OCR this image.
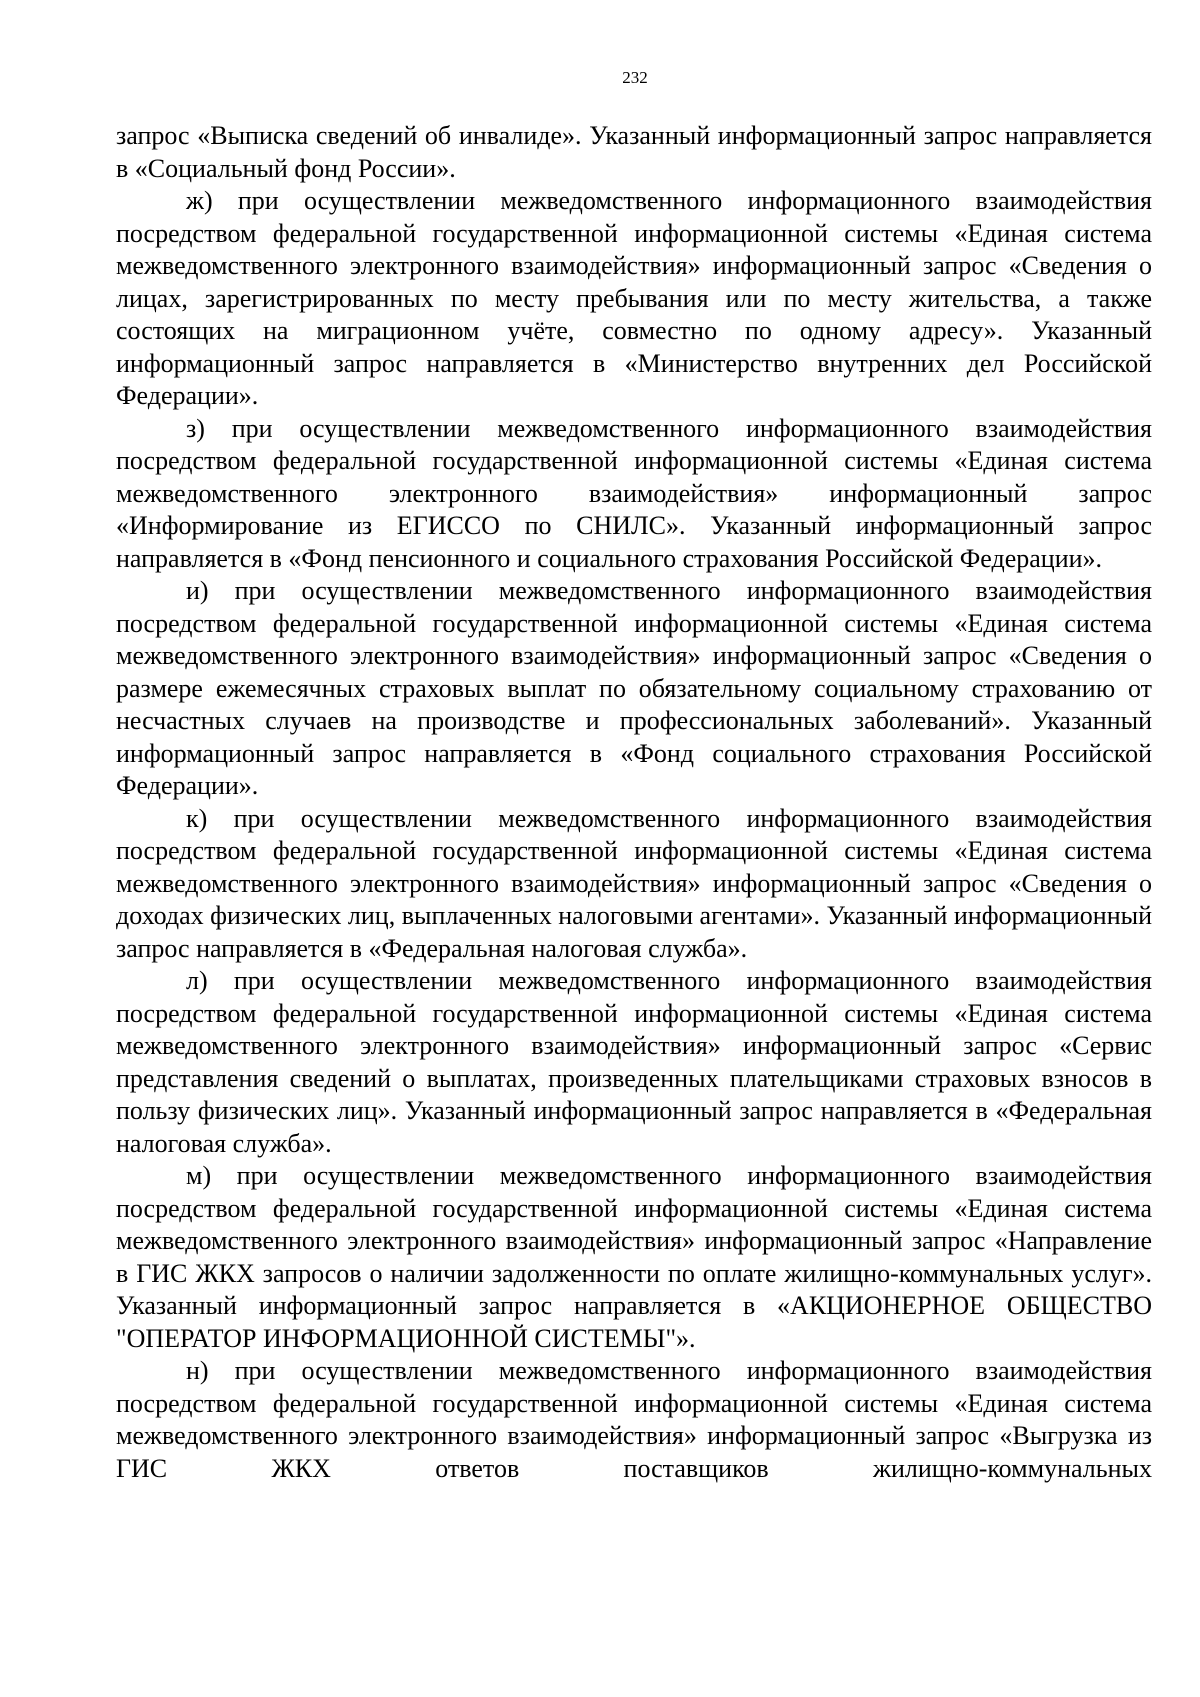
232

запрос «Выписка сведений об инвалиде». Указанный информационный запрос направляется в «Социальный фонд России».

ж) при осуществлении межведомственного информационного взаимодействия посредством федеральной государственной информационной системы «Единая система межведомственного электронного взаимодействия» информационный запрос «Сведения о лицах, зарегистрированных по месту пребывания или по месту жительства, а также состоящих на миграционном учёте, совместно по одному адресу». Указанный информационный запрос направляется в «Министерство внутренних дел Российской Федерации».

з) при осуществлении межведомственного информационного взаимодействия посредством федеральной государственной информационной системы «Единая система межведомственного электронного взаимодействия» информационный запрос «Информирование из ЕГИССО по СНИЛС». Указанный информационный запрос направляется в «Фонд пенсионного и социального страхования Российской Федерации».

и) при осуществлении межведомственного информационного взаимодействия посредством федеральной государственной информационной системы «Единая система межведомственного электронного взаимодействия» информационный запрос «Сведения о размере ежемесячных страховых выплат по обязательному социальному страхованию от несчастных случаев на производстве и профессиональных заболеваний». Указанный информационный запрос направляется в «Фонд социального страхования Российской Федерации».

к) при осуществлении межведомственного информационного взаимодействия посредством федеральной государственной информационной системы «Единая система межведомственного электронного взаимодействия» информационный запрос «Сведения о доходах физических лиц, выплаченных налоговыми агентами». Указанный информационный запрос направляется в «Федеральная налоговая служба».

л) при осуществлении межведомственного информационного взаимодействия посредством федеральной государственной информационной системы «Единая система межведомственного электронного взаимодействия» информационный запрос «Сервис представления сведений о выплатах, произведенных плательщиками страховых взносов в пользу физических лиц». Указанный информационный запрос направляется в «Федеральная налоговая служба».

м) при осуществлении межведомственного информационного взаимодействия посредством федеральной государственной информационной системы «Единая система межведомственного электронного взаимодействия» информационный запрос «Направление в ГИС ЖКХ запросов о наличии задолженности по оплате жилищно-коммунальных услуг». Указанный информационный запрос направляется в «АКЦИОНЕРНОЕ ОБЩЕСТВО "ОПЕРАТОР ИНФОРМАЦИОННОЙ СИСТЕМЫ"».

н) при осуществлении межведомственного информационного взаимодействия посредством федеральной государственной информационной системы «Единая система межведомственного электронного взаимодействия» информационный запрос «Выгрузка из ГИС ЖКХ ответов поставщиков жилищно-коммунальных
